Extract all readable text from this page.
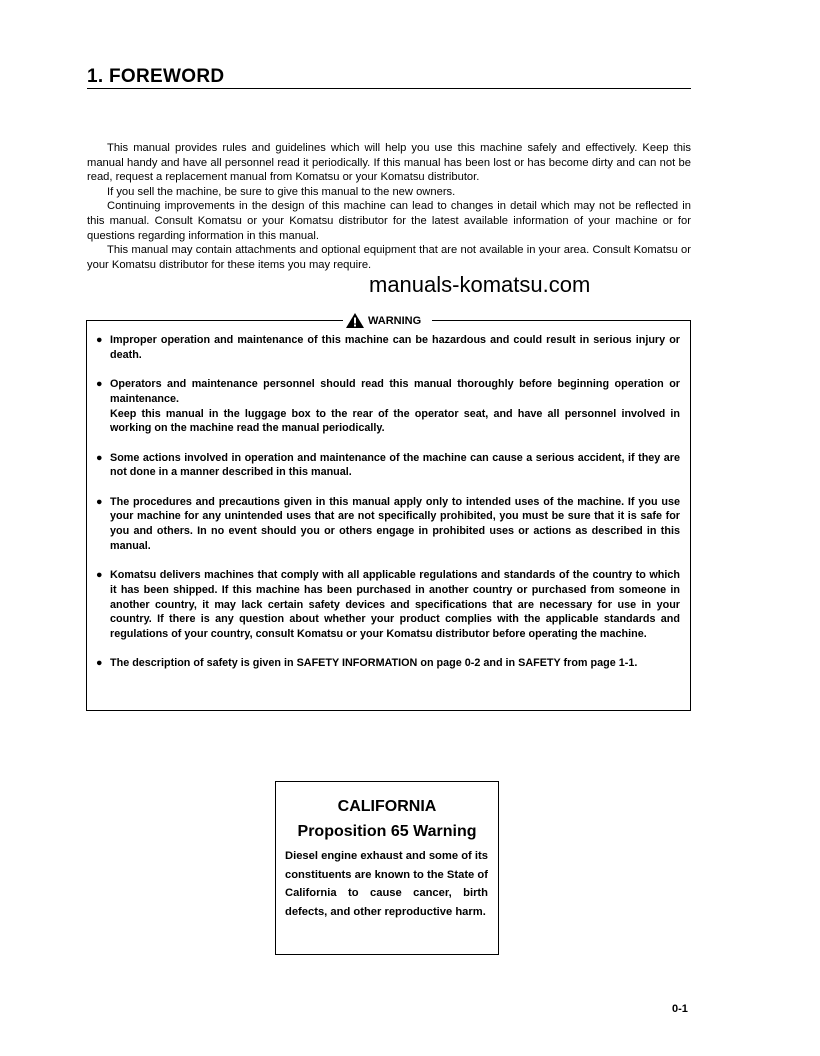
1. FOREWORD

This manual provides rules and guidelines which will help you use this machine safely and effectively. Keep this manual handy and have all personnel read it periodically. If this manual has been lost or has become dirty and can not be read, request a replacement manual from Komatsu or your Komatsu distributor.

If you sell the machine, be sure to give this manual to the new owners.

Continuing improvements in the design of this machine can lead to changes in detail which may not be reflected in this manual. Consult Komatsu or your Komatsu distributor for the latest available information of your machine or for questions regarding information in this manual.

This manual may contain attachments and optional equipment that are not available in your area. Consult Komatsu or your Komatsu distributor for these items you may require.

manuals-komatsu.com
WARNING
● Improper operation and maintenance of this machine can be hazardous and could result in serious injury or death.
● Operators and maintenance personnel should read this manual thoroughly before beginning operation or maintenance.
Keep this manual in the luggage box to the rear of the operator seat, and have all personnel involved in working on the machine read the manual periodically.
● Some actions involved in operation and maintenance of the machine can cause a serious accident, if they are not done in a manner described in this manual.
● The procedures and precautions given in this manual apply only to intended uses of the machine. If you use your machine for any unintended uses that are not specifically prohibited, you must be sure that it is safe for you and others. In no event should you or others engage in prohibited uses or actions as described in this manual.
● Komatsu delivers machines that comply with all applicable regulations and standards of the country to which it has been shipped. If this machine has been purchased in another country or purchased from someone in another country, it may lack certain safety devices and specifications that are necessary for use in your country. If there is any question about whether your product complies with the applicable standards and regulations of your country, consult Komatsu or your Komatsu distributor before operating the machine.
● The description of safety is given in SAFETY INFORMATION on page 0-2 and in SAFETY from page 1-1.
CALIFORNIA
Proposition 65 Warning
Diesel engine exhaust and some of its constituents are known to the State of California to cause cancer, birth defects, and other reproductive harm.
0-1
